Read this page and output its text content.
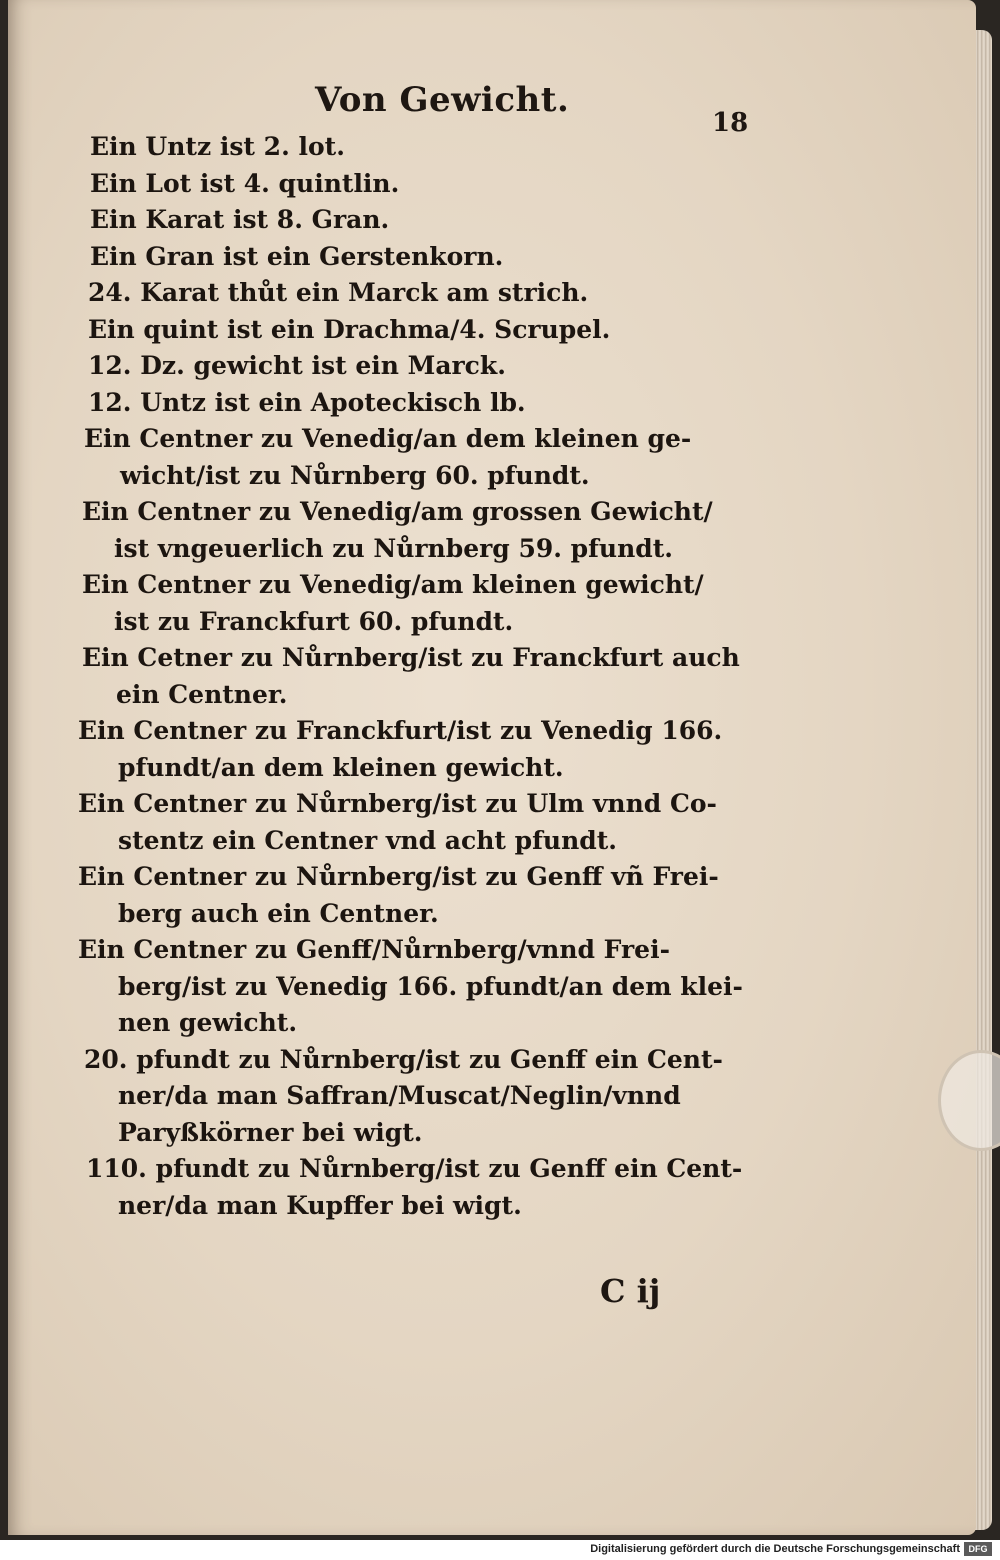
Von Gewicht.
18
Ein Untz ist 2. lot.
Ein Lot ist 4. quintlin.
Ein Karat ist 8. Gran.
Ein Gran ist ein Gerstenkorn.
24. Karat thůt ein Marck am strich.
Ein quint ist ein Drachma/4. Scrupel.
12. Dz. gewicht ist ein Marck.
12. Untz ist ein Apoteckisch lb.
Ein Centner zu Venedig/an dem kleinen ge-
wicht/ist zu Nůrnberg 60. pfundt.
Ein Centner zu Venedig/am grossen Gewicht/
ist vngeuerlich zu Nůrnberg 59. pfundt.
Ein Centner zu Venedig/am kleinen gewicht/
ist zu Franckfurt 60. pfundt.
Ein Cetner zu Nůrnberg/ist zu Franckfurt auch
ein Centner.
Ein Centner zu Franckfurt/ist zu Venedig 166.
pfundt/an dem kleinen gewicht.
Ein Centner zu Nůrnberg/ist zu Ulm vnnd Co-
stentz ein Centner vnd acht pfundt.
Ein Centner zu Nůrnberg/ist zu Genff vñ Frei-
berg auch ein Centner.
Ein Centner zu Genff/Nůrnberg/vnnd Frei-
berg/ist zu Venedig 166. pfundt/an dem klei-
nen gewicht.
20. pfundt zu Nůrnberg/ist zu Genff ein Cent-
ner/da man Saffran/Muscat/Neglin/vnnd
Paryßkörner bei wigt.
110. pfundt zu Nůrnberg/ist zu Genff ein Cent-
ner/da man Kupffer bei wigt.
C ij
Digitalisierung gefördert durch die Deutsche Forschungsgemeinschaft DFG
